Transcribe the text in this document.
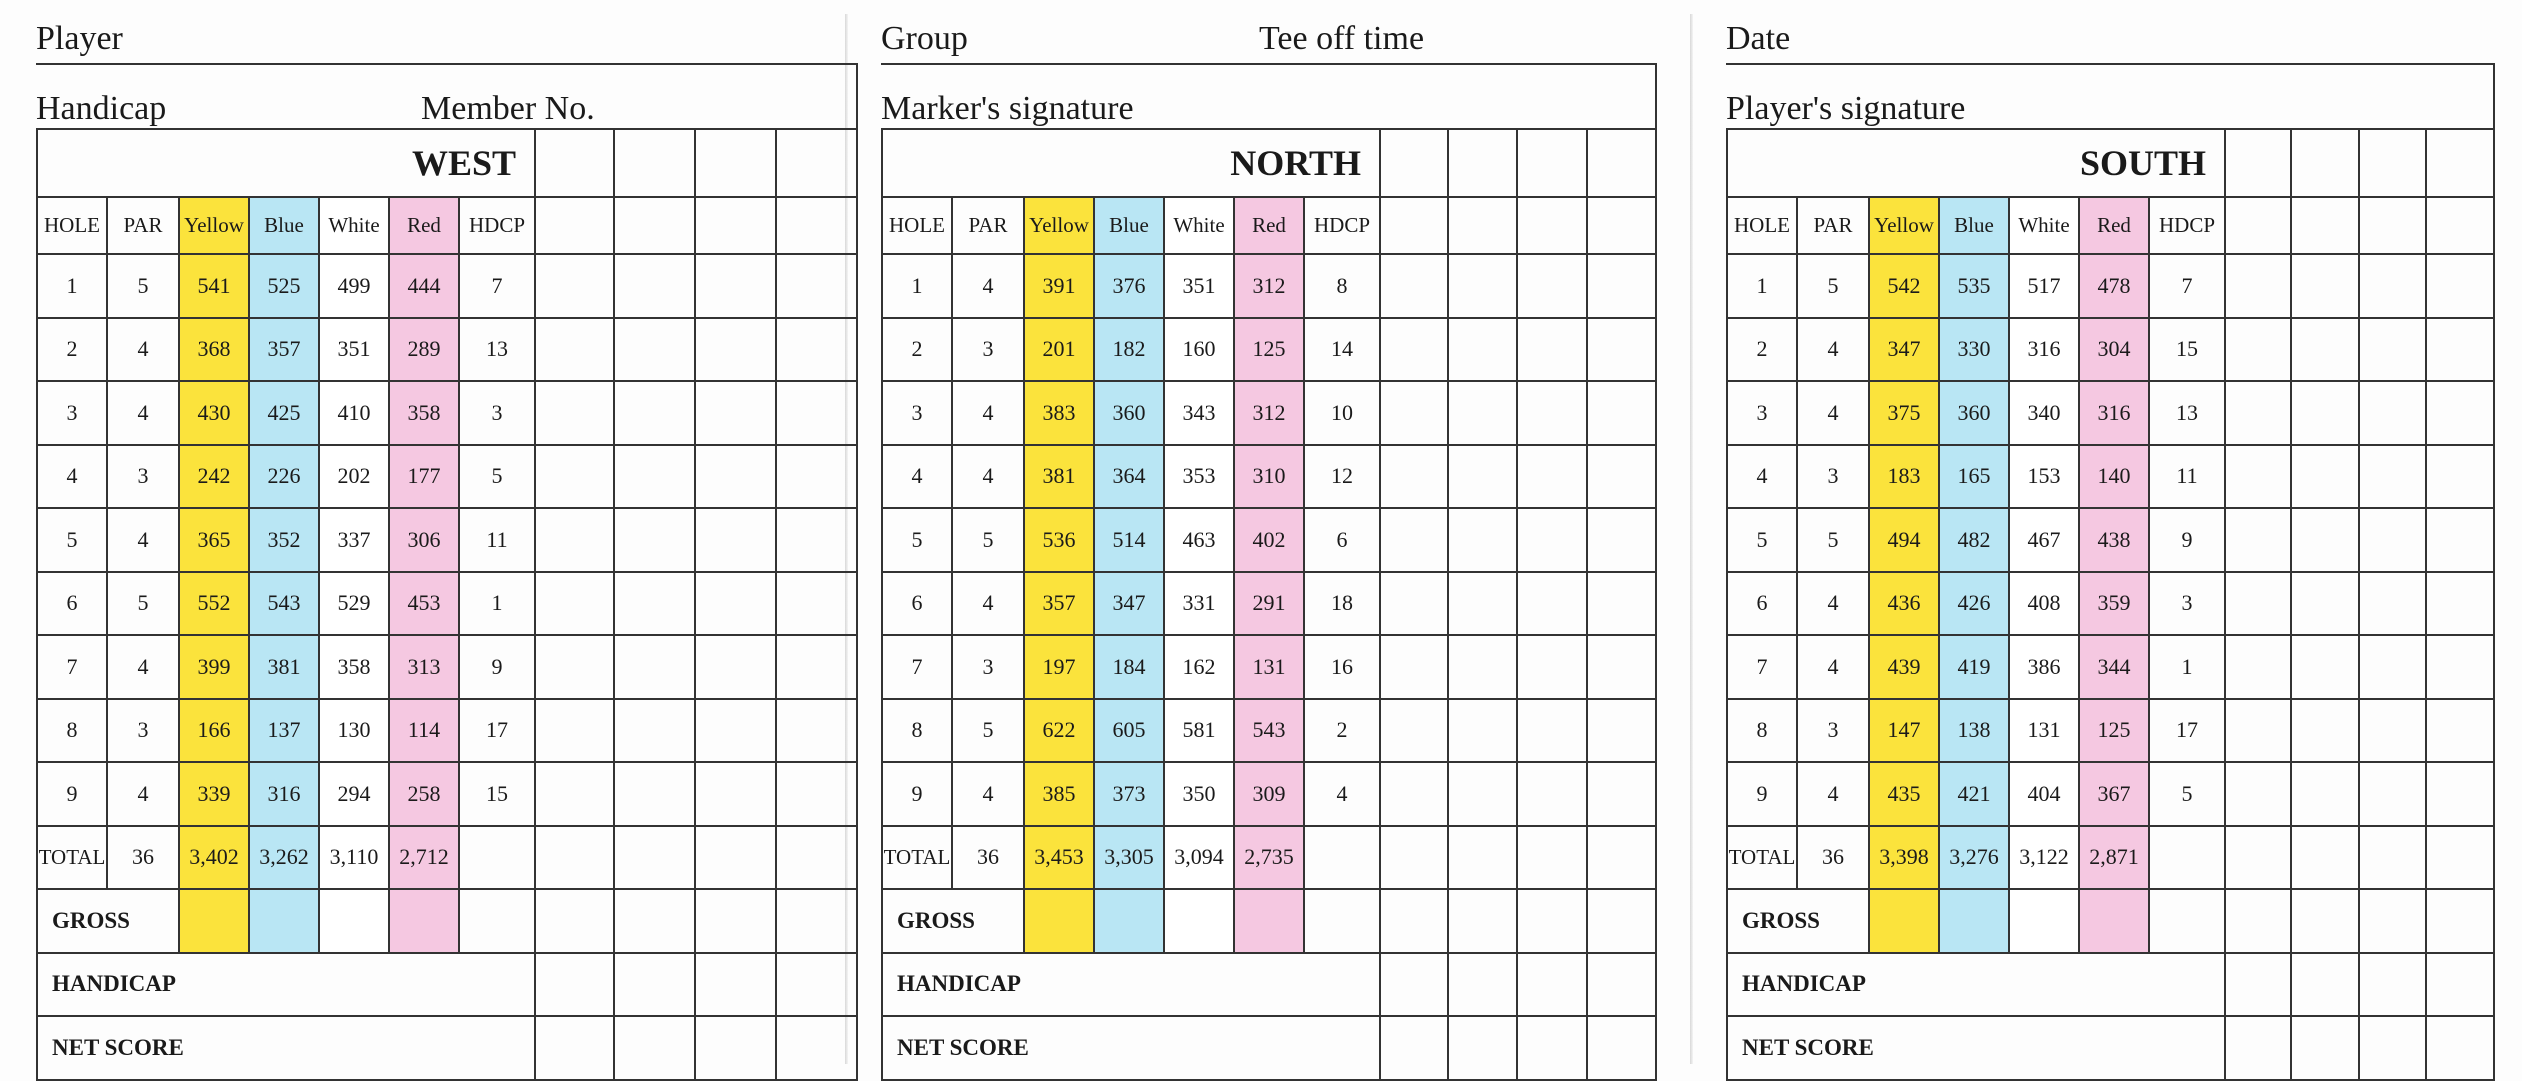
Player
Handicap	Member No.
WEST						
HOLE	PAR	Yellow	Blue	White	Red	HDCP
1	5	541	525	499	444	7
2	4	368	357	351	289	13
3	4	430	425	410	358	3
4	3	242	226	202	177	5
5	4	365	352	337	306	11
6	5	552	543	529	453	1
7	4	399	381	358	313	9
8	3	166	137	130	114	17
9	4	339	316	294	258	15
TOTAL	36	3,402	3,262	3,110	2,712	
GROSS						
HANDICAP						
NET SCORE						
Group	Tee off time
Marker's signature
NORTH						
HOLE	PAR	Yellow	Blue	White	Red	HDCP
1	4	391	376	351	312	8
2	3	201	182	160	125	14
3	4	383	360	343	312	10
4	4	381	364	353	310	12
5	5	536	514	463	402	6
6	4	357	347	331	291	18
7	3	197	184	162	131	16
8	5	622	605	581	543	2
9	4	385	373	350	309	4
TOTAL	36	3,453	3,305	3,094	2,735	
GROSS						
HANDICAP						
NET SCORE						
Date
Player's signature
SOUTH						
HOLE	PAR	Yellow	Blue	White	Red	HDCP
1	5	542	535	517	478	7
2	4	347	330	316	304	15
3	4	375	360	340	316	13
4	3	183	165	153	140	11
5	5	494	482	467	438	9
6	4	436	426	408	359	3
7	4	439	419	386	344	1
8	3	147	138	131	125	17
9	4	435	421	404	367	5
TOTAL	36	3,398	3,276	3,122	2,871	
GROSS						
HANDICAP						
NET SCORE						
